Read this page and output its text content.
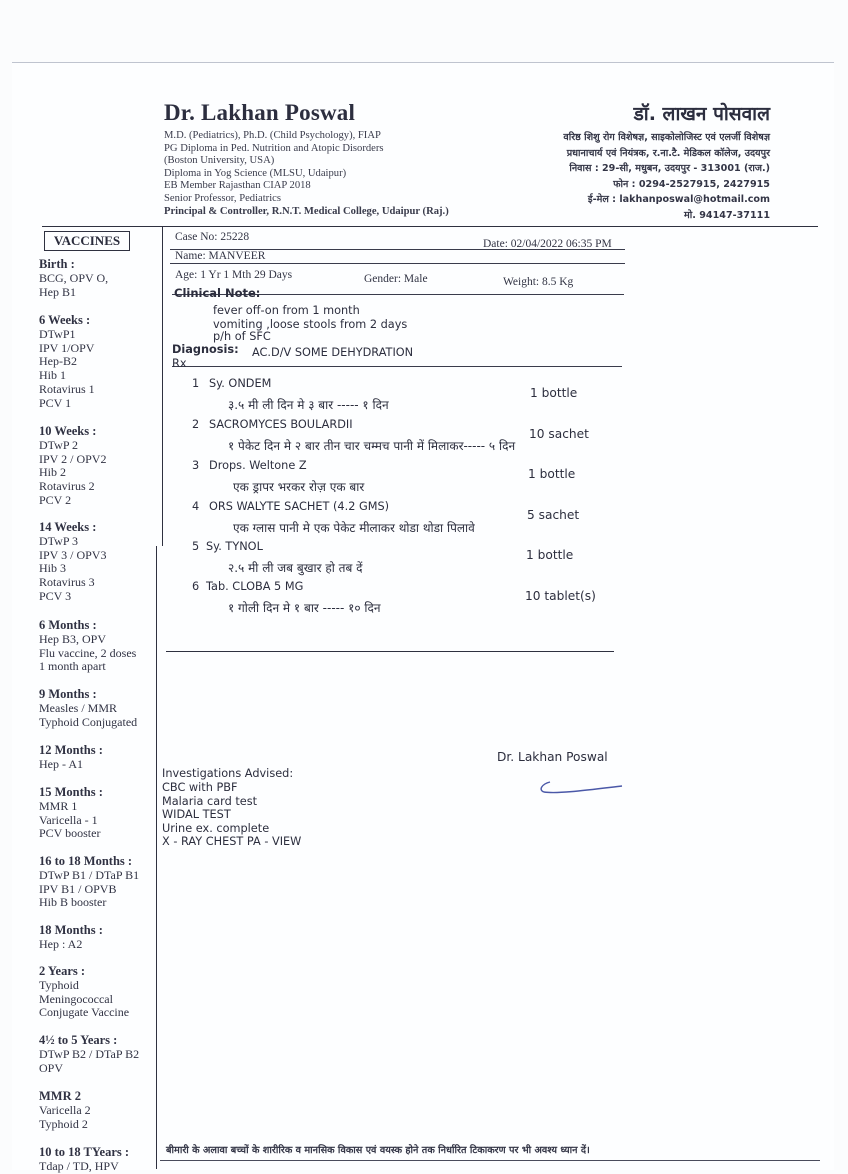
Dr. Lakhan Poswal
M.D. (Pediatrics), Ph.D. (Child Psychology), FIAP
PG Diploma in Ped. Nutrition and Atopic Disorders
(Boston University, USA)
Diploma in Yog Science (MLSU, Udaipur)
EB Member Rajasthan CIAP 2018
Senior Professor, Pediatrics
Principal & Controller, R.N.T. Medical College, Udaipur (Raj.)
डॉ. लाखन पोसवाल
वरिष्ठ शिशु रोग विशेषज्ञ, साइकोलोजिस्ट एवं एलर्जी विशेषज्ञ
प्रधानाचार्य एवं नियंत्रक, र.ना.टै. मेडिकल कॉलेज, उदयपुर
निवास : 29-सी, मधुबन, उदयपुर - 313001 (राज.)
फोन : 0294-2527915, 2427915
ई-मेल : lakhanposwal@hotmail.com
मो. 94147-37111
VACCINES
Birth :
BCG, OPV O,
Hep B1
6 Weeks :
DTwP1
IPV 1/OPV
Hep-B2
Hib 1
Rotavirus 1
PCV 1
10 Weeks :
DTwP 2
IPV 2 / OPV2
Hib 2
Rotavirus 2
PCV 2
14 Weeks :
DTwP 3
IPV 3 / OPV3
Hib 3
Rotavirus 3
PCV 3
6 Months :
Hep B3, OPV
Flu vaccine, 2 doses
1 month apart
9 Months :
Measles / MMR
Typhoid Conjugated
12 Months :
Hep - A1
15 Months :
MMR 1
Varicella - 1
PCV booster
16 to 18 Months :
DTwP B1 / DTaP B1
IPV B1 / OPVB
Hib B booster
18 Months :
Hep : A2
2 Years :
Typhoid
Meningococcal
Conjugate Vaccine
4½ to 5 Years :
DTwP B2 / DTaP B2
OPV
MMR 2
Varicella 2
Typhoid 2
10 to 18 TYears :
Tdap / TD, HPV
Case No: 25228
Date: 02/04/2022 06:35 PM
Name: MANVEER
Age: 1 Yr 1 Mth 29 Days	Gender: Male	Weight: 8.5 Kg
Clinical Note:
fever off-on from 1 month
vomiting ,loose stools from 2 days
p/h of SFC
Diagnosis: AC.D/V SOME DEHYDRATION
Rx
1 Sy. ONDEM
1 bottle
३.५ मी ली दिन मे ३ बार ----- १ दिन
2 SACROMYCES BOULARDII
10 sachet
१ पेकेट दिन मे २ बार तीन चार चम्मच पानी में मिलाकर----- ५ दिन
3 Drops. Weltone Z
1 bottle
एक ड्रापर भरकर रोज़ एक बार
4 ORS WALYTE SACHET (4.2 GMS)
5 sachet
एक ग्लास पानी मे एक पेकेट मीलाकर थोडा थोडा पिलावे
5 Sy. TYNOL
1 bottle
२.५ मी ली जब बुखार हो तब दें
6 Tab. CLOBA 5 MG
10 tablet(s)
१ गोली दिन मे १ बार ----- १० दिन
Dr. Lakhan Poswal
Investigations Advised:
CBC with PBF
Malaria card test
WIDAL TEST
Urine ex. complete
X - RAY CHEST PA - VIEW
बीमारी के अलावा बच्चों के शारीरिक व मानसिक विकास एवं वयस्क होने तक निर्धारित टिकाकरण पर भी अवश्य ध्यान दें।
